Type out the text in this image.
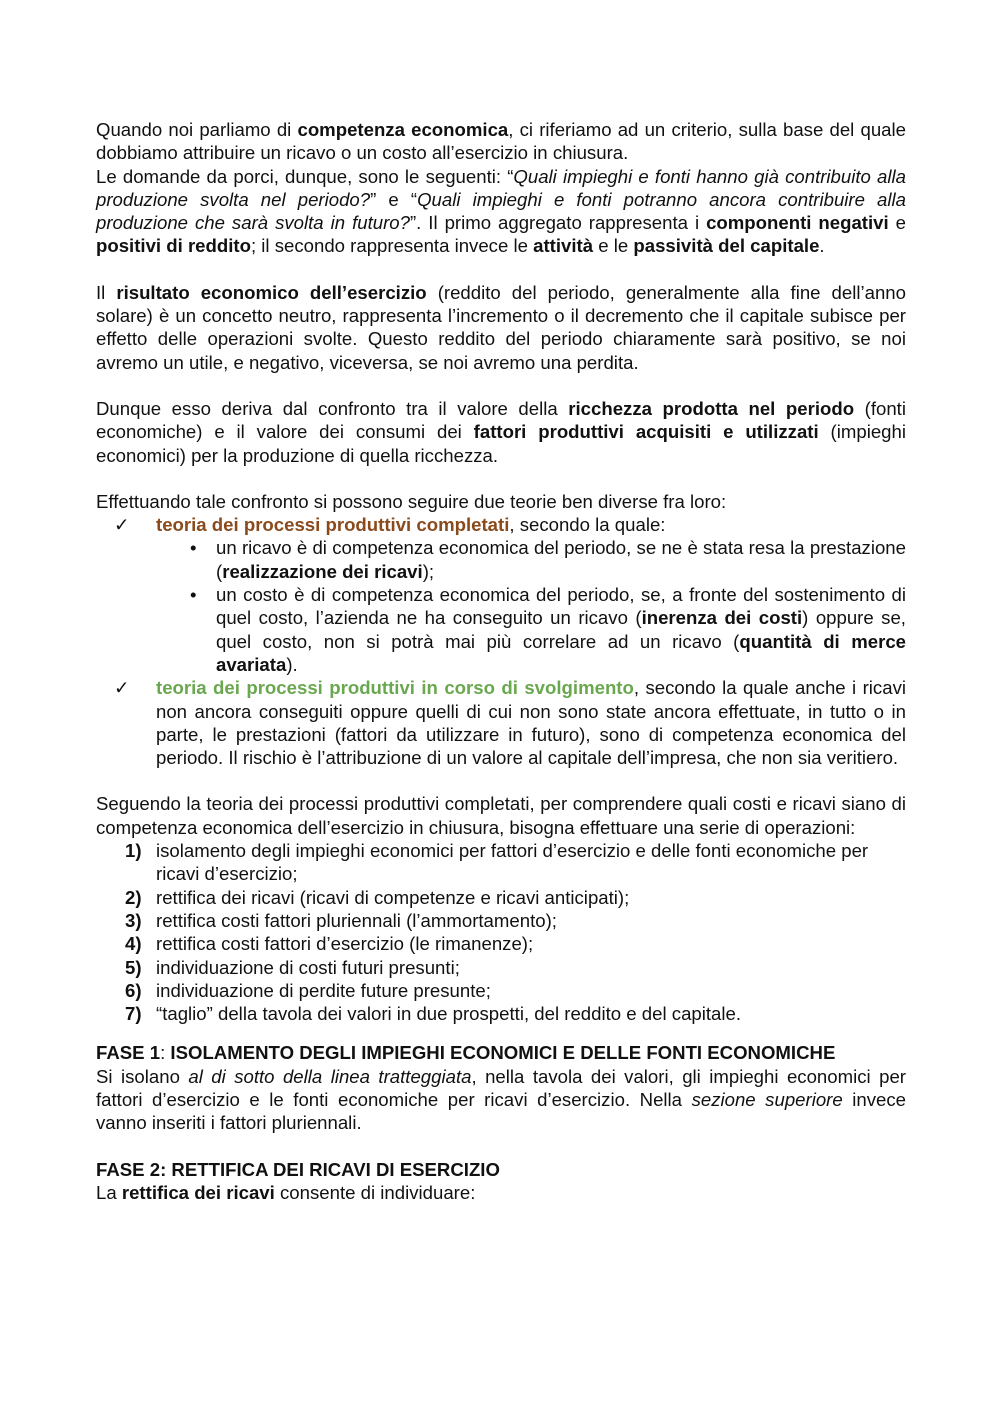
Quando noi parliamo di competenza economica, ci riferiamo ad un criterio, sulla base del quale dobbiamo attribuire un ricavo o un costo all’esercizio in chiusura.

Le domande da porci, dunque, sono le seguenti: “Quali impieghi e fonti hanno già contribuito alla produzione svolta nel periodo?” e “Quali impieghi e fonti potranno ancora contribuire alla produzione che sarà svolta in futuro?”. Il primo aggregato rappresenta i componenti negativi e positivi di reddito; il secondo rappresenta invece le attività e le passività del capitale.

Il risultato economico dell’esercizio (reddito del periodo, generalmente alla fine dell’anno solare) è un concetto neutro, rappresenta l’incremento o il decremento che il capitale subisce per effetto delle operazioni svolte. Questo reddito del periodo chiaramente sarà positivo, se noi avremo un utile, e negativo, viceversa, se noi avremo una perdita.

Dunque esso deriva dal confronto tra il valore della ricchezza prodotta nel periodo (fonti economiche) e il valore dei consumi dei fattori produttivi acquisiti e utilizzati (impieghi economici) per la produzione di quella ricchezza.

Effettuando tale confronto si possono seguire due teorie ben diverse fra loro:

✓	teoria dei processi produttivi completati, secondo la quale:
• un ricavo è di competenza economica del periodo, se ne è stata resa la prestazione (realizzazione dei ricavi);
• un costo è di competenza economica del periodo, se, a fronte del sostenimento di quel costo, l’azienda ne ha conseguito un ricavo (inerenza dei costi) oppure se, quel costo, non si potrà mai più correlare ad un ricavo (quantità di merce avariata).
✓	teoria dei processi produttivi in corso di svolgimento, secondo la quale anche i ricavi non ancora conseguiti oppure quelli di cui non sono state ancora effettuate, in tutto o in parte, le prestazioni (fattori da utilizzare in futuro), sono di competenza economica del periodo. Il rischio è l’attribuzione di un valore al capitale dell’impresa, che non sia veritiero.

Seguendo la teoria dei processi produttivi completati, per comprendere quali costi e ricavi siano di competenza economica dell’esercizio in chiusura, bisogna effettuare una serie di operazioni:

1) isolamento degli impieghi economici per fattori d’esercizio e delle fonti economiche per ricavi d’esercizio;
2) rettifica dei ricavi (ricavi di competenze e ricavi anticipati);
3) rettifica costi fattori pluriennali (l’ammortamento);
4) rettifica costi fattori d’esercizio (le rimanenze);
5) individuazione di costi futuri presunti;
6) individuazione di perdite future presunte;
7) “taglio” della tavola dei valori in due prospetti, del reddito e del capitale.

FASE 1: ISOLAMENTO DEGLI IMPIEGHI ECONOMICI E DELLE FONTI ECONOMICHE

Si isolano al di sotto della linea tratteggiata, nella tavola dei valori, gli impieghi economici per fattori d’esercizio e le fonti economiche per ricavi d’esercizio. Nella sezione superiore invece vanno inseriti i fattori pluriennali.

FASE 2: RETTIFICA DEI RICAVI DI ESERCIZIO

La rettifica dei ricavi consente di individuare:
